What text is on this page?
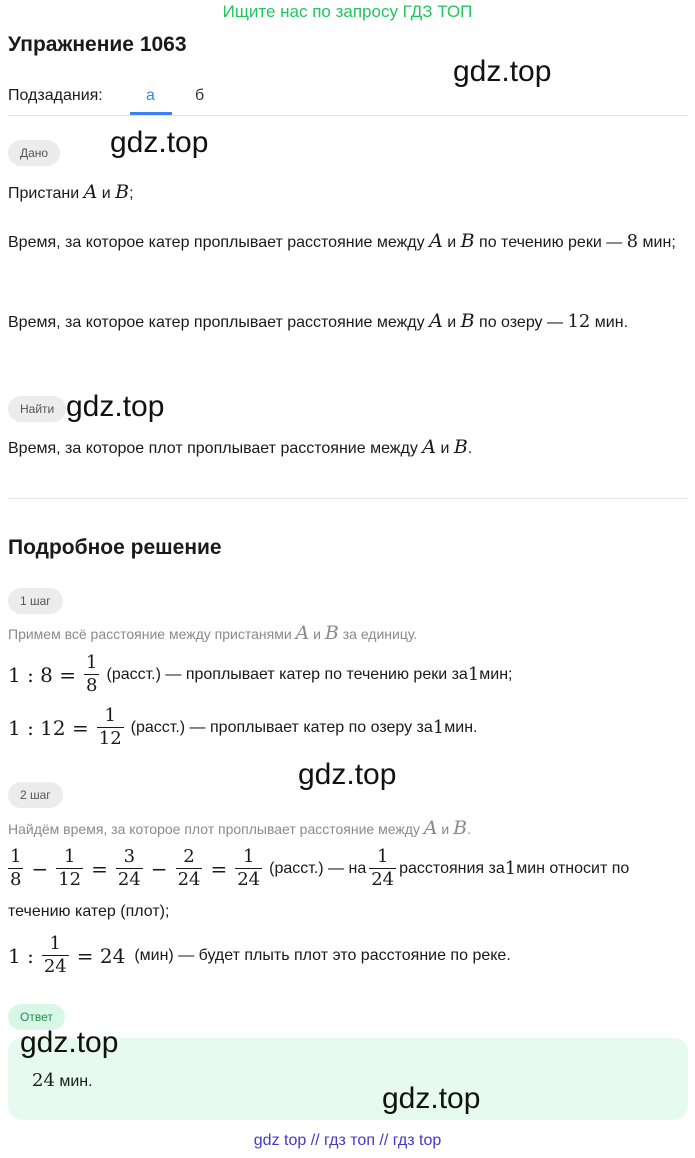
Ищите нас по запросу ГДЗ ТОП
Упражнение 1063
Подзадания:	а	б
Дано
Пристани A и B;
Время, за которое катер проплывает расстояние между A и B по течению реки — 8 мин;
Время, за которое катер проплывает расстояние между A и B по озеру — 12 мин.
Найти
Время, за которое плот проплывает расстояние между A и B.
Подробное решение
1 шаг
Примем всё расстояние между пристанями A и B за единицу.
1 : $8 = \frac{1}{8}$ (расст.) — проплывает катер по течению реки за 1 мин;
1 : $12 = \frac{1}{12}$ (расст.) — проплывает катер по озеру за 1 мин.
2 шаг
Найдём время, за которое плот проплывает расстояние между A и B.
$\frac{1}{8} - \frac{1}{12} = \frac{3}{24} - \frac{2}{24} = \frac{1}{24}$ (расст.) — на $\frac{1}{24}$ расстояния за 1 мин относит по
течению катер (плот);
1 : $\frac{1}{24} = 24$ (мин) — будет плыть плот это расстояние по реке.
Ответ
24 мин.
gdz.top
gdz.top
gdz.top
gdz.top
gdz.top
gdz.top
gdz top // гдз топ // гдз top
